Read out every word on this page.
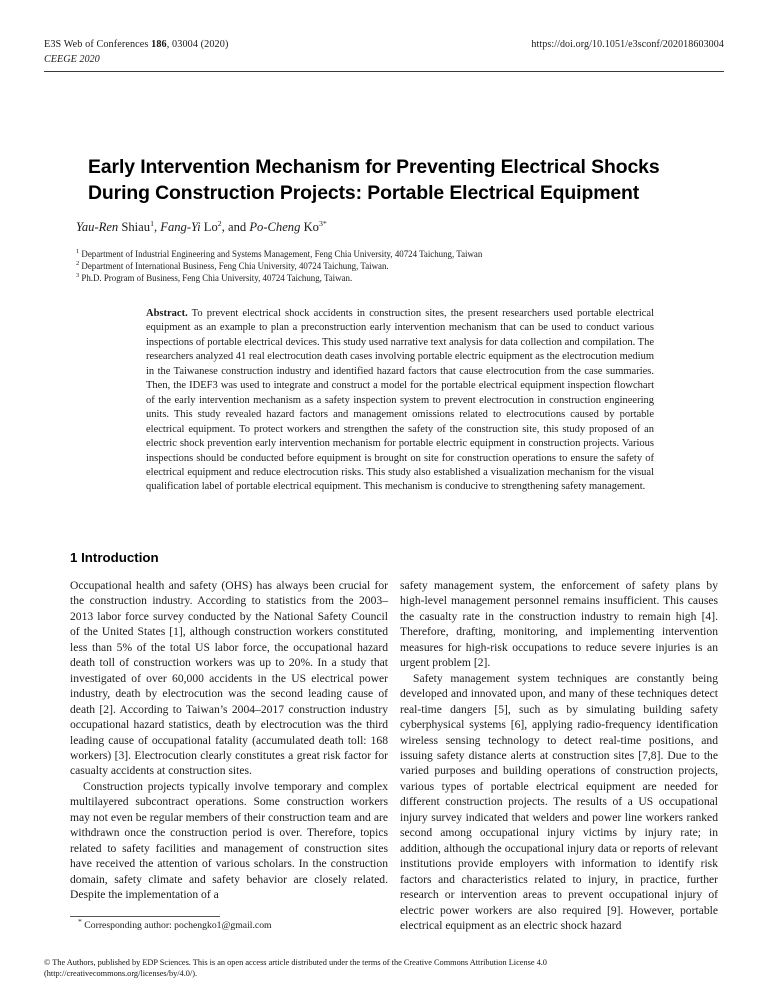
E3S Web of Conferences 186, 03004 (2020)	https://doi.org/10.1051/e3sconf/202018603004
CEEGE 2020
Early Intervention Mechanism for Preventing Electrical Shocks During Construction Projects: Portable Electrical Equipment
Yau-Ren Shiau$^1$, Fang-Yi Lo$^2$, and Po-Cheng $Ko^{3*}$
$^1$ Department of Industrial Engineering and Systems Management, Feng Chia University, 40724 Taichung, Taiwan
$^2$ Department of International Business, Feng Chia University, 40724 Taichung, Taiwan.
$^3$ Ph.D. Program of Business, Feng Chia University, 40724 Taichung, Taiwan.
Abstract. To prevent electrical shock accidents in construction sites, the present researchers used portable electrical equipment as an example to plan a preconstruction early intervention mechanism that can be used to conduct various inspections of portable electrical devices. This study used narrative text analysis for data collection and compilation. The researchers analyzed 41 real electrocution death cases involving portable electric equipment as the electrocution medium in the Taiwanese construction industry and identified hazard factors that cause electrocution from the case summaries. Then, the IDEF3 was used to integrate and construct a model for the portable electrical equipment inspection flowchart of the early intervention mechanism as a safety inspection system to prevent electrocution in construction engineering units. This study revealed hazard factors and management omissions related to electrocutions caused by portable electrical equipment. To protect workers and strengthen the safety of the construction site, this study proposed of an electric shock prevention early intervention mechanism for portable electric equipment in construction projects. Various inspections should be conducted before equipment is brought on site for construction operations to ensure the safety of electrical equipment and reduce electrocution risks. This study also established a visualization mechanism for the visual qualification label of portable electrical equipment. This mechanism is conducive to strengthening safety management.
1 Introduction

Occupational health and safety (OHS) has always been crucial for the construction industry. According to statistics from the 2003–2013 labor force survey conducted by the National Safety Council of the United States [1], although construction workers constituted less than 5% of the total US labor force, the occupational hazard death toll of construction workers was up to 20%. In a study that investigated of over 60,000 accidents in the US electrical power industry, death by electrocution was the second leading cause of death [2]. According to Taiwan’s 2004–2017 construction industry occupational hazard statistics, death by electrocution was the third leading cause of occupational fatality (accumulated death toll: 168 workers) [3]. Electrocution clearly constitutes a great risk factor for casualty accidents at construction sites.

Construction projects typically involve temporary and complex multilayered subcontract operations. Some construction workers may not even be regular members of their construction team and are withdrawn once the construction period is over. Therefore, topics related to safety facilities and management of construction sites have received the attention of various scholars. In the construction domain, safety climate and safety behavior are closely related. Despite the implementation of a

safety management system, the enforcement of safety plans by high-level management personnel remains insufficient. This causes the casualty rate in the construction industry to remain high [4]. Therefore, drafting, monitoring, and implementing intervention measures for high-risk occupations to reduce severe injuries is an urgent problem [2].

Safety management system techniques are constantly being developed and innovated upon, and many of these techniques detect real-time dangers [5], such as by simulating building safety cyberphysical systems [6], applying radio-frequency identification wireless sensing technology to detect real-time positions, and issuing safety distance alerts at construction sites [7,8]. Due to the varied purposes and building operations of construction projects, various types of portable electrical equipment are needed for different construction projects. The results of a US occupational injury survey indicated that welders and power line workers ranked second among occupational injury victims by injury rate; in addition, although the occupational injury data or reports of relevant institutions provide employers with information to identify risk factors and characteristics related to injury, in practice, further research or intervention areas to prevent occupational injury of electric power workers are also required [9]. However, portable electrical equipment as an electric shock hazard

* Corresponding author: pochengko1@gmail.com
© The Authors, published by EDP Sciences. This is an open access article distributed under the terms of the Creative Commons Attribution License 4.0
(http://creativecommons.org/licenses/by/4.0/).
